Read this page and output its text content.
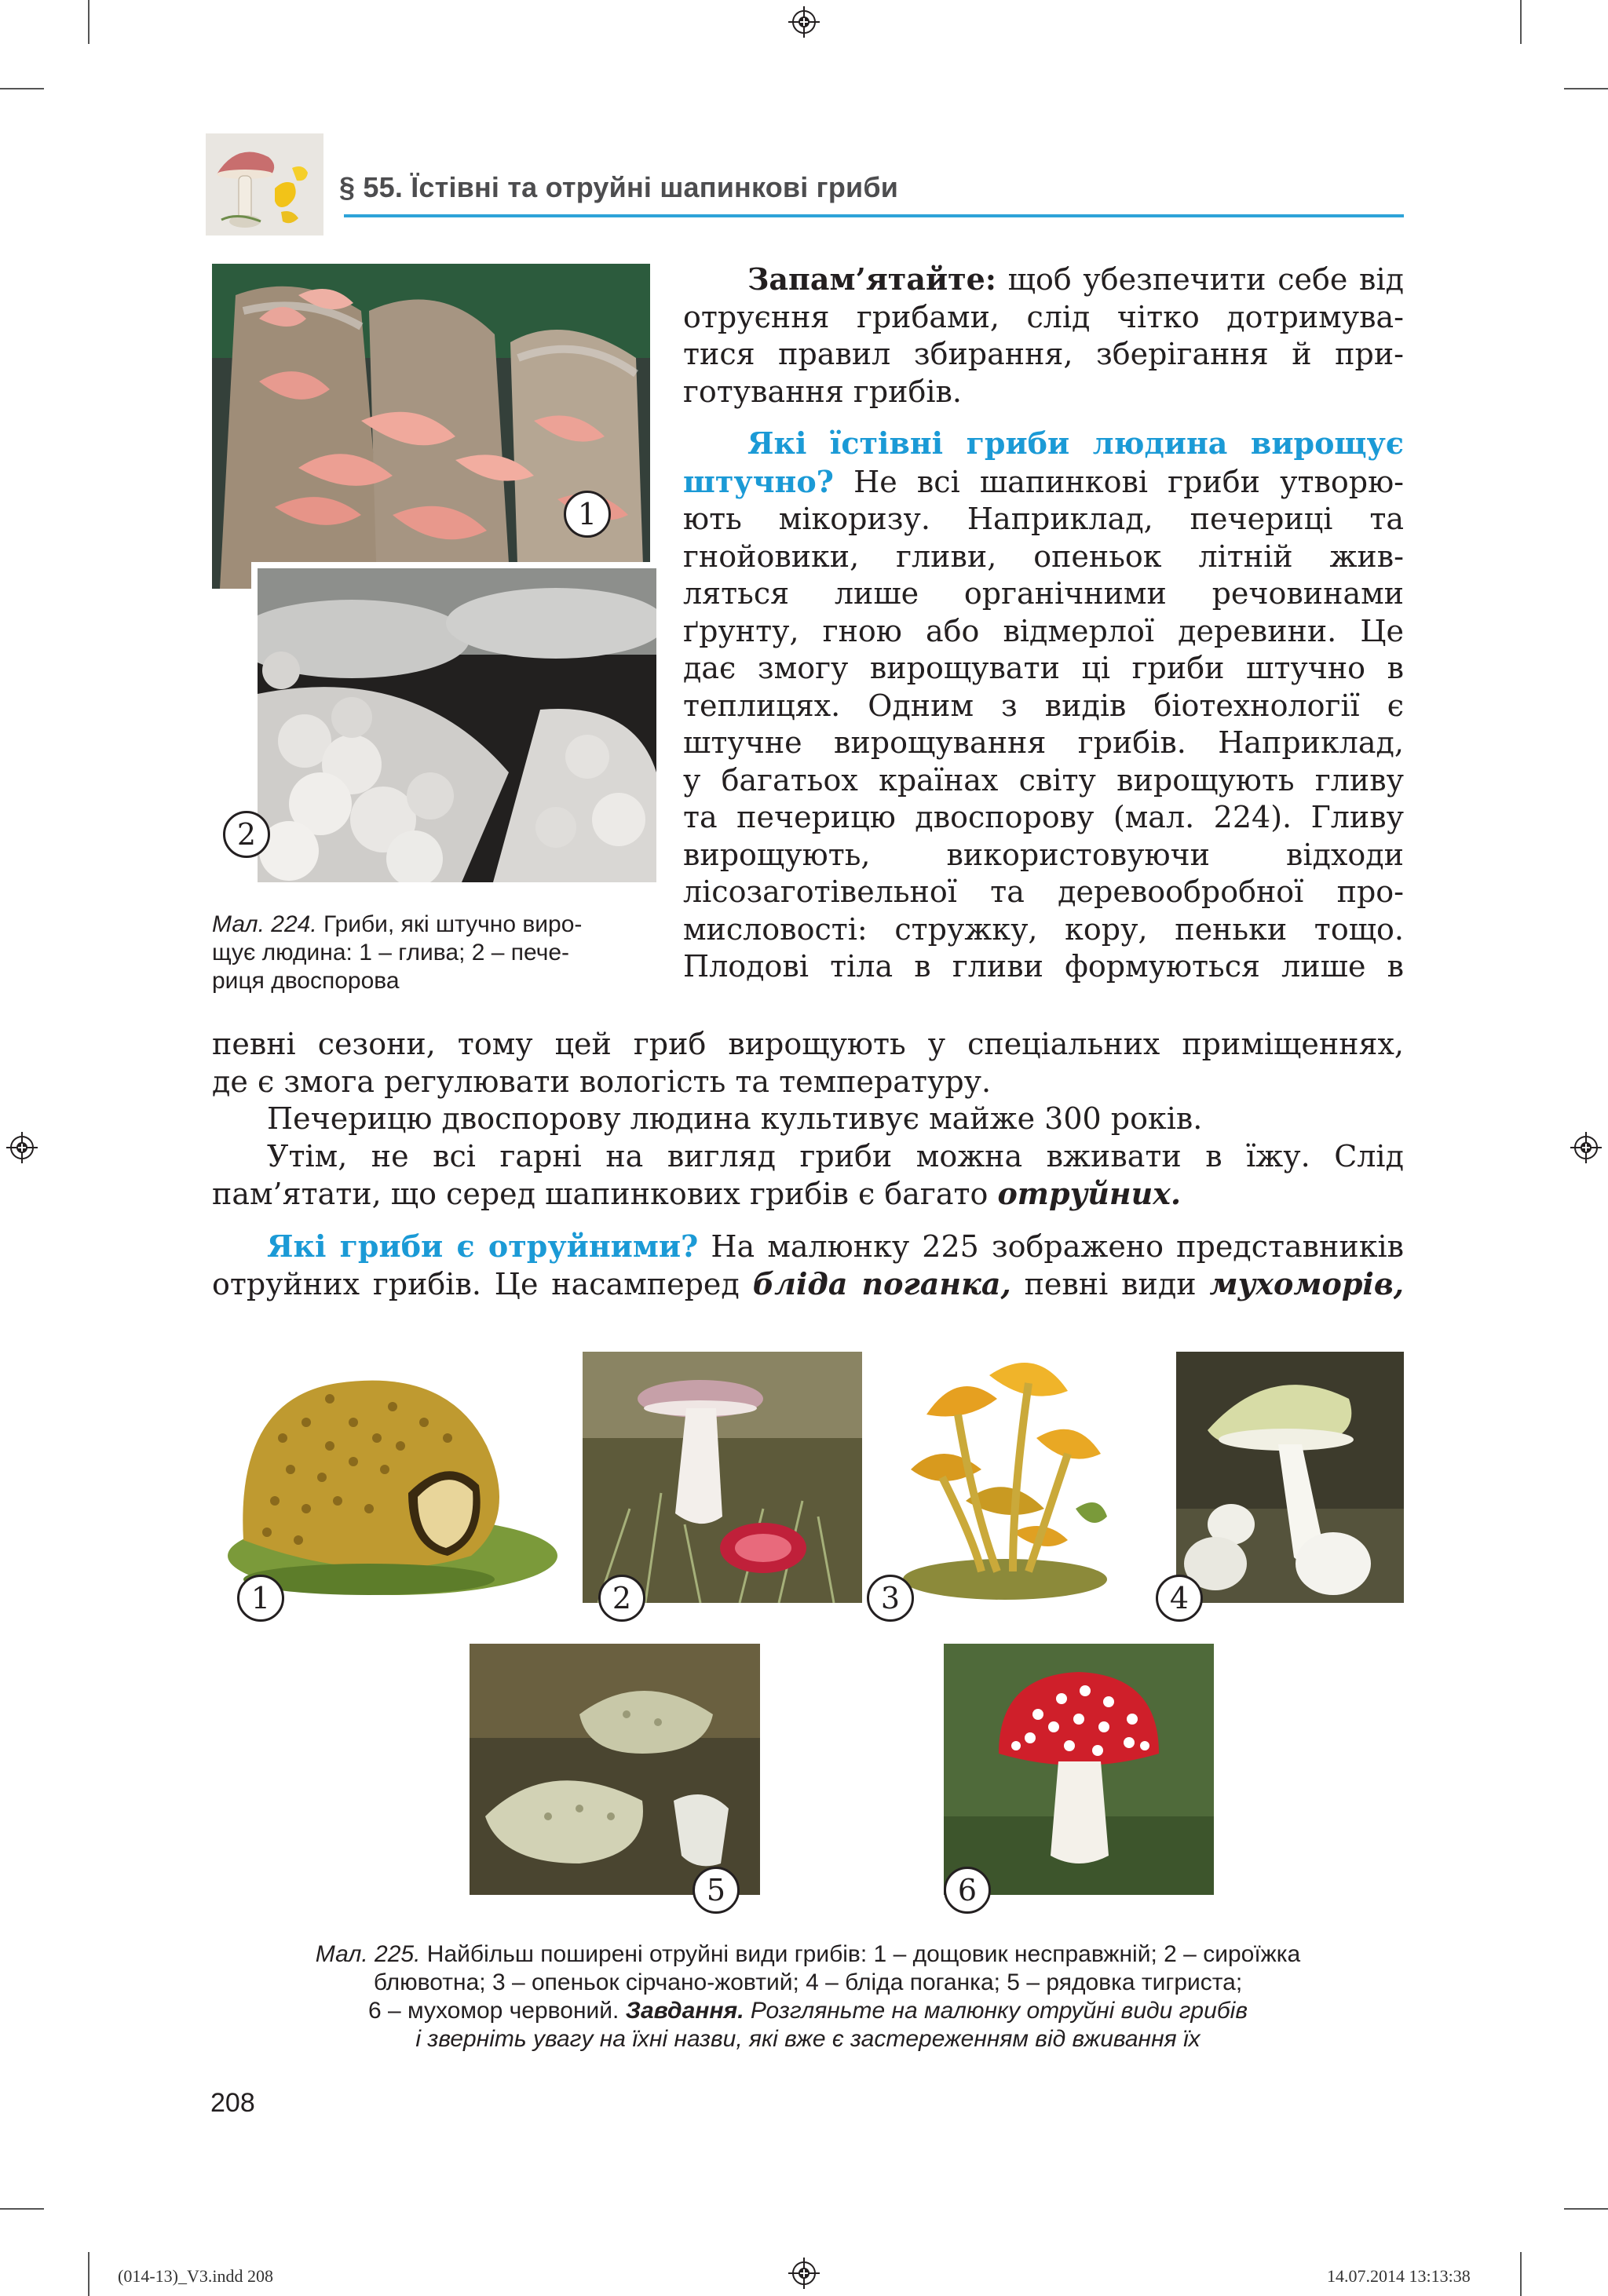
§ 55. Їстівні та отруйні шапинкові гриби
1
2

Мал. 224. Гриби, які штучно виро-

щує людина: 1 – глива; 2 – пече-

риця двоспорова

Запам’ятайте: щоб убезпечити себе від

отруєння грибами, слід чітко дотримува-

тися правил збирання, зберігання й при-

готування грибів.

Які їстівні гриби людина вирощує

штучно? Не всі шапинкові гриби утворю-

ють мікоризу. Наприклад, печериці та

гнойовики, гливи, опеньок літній жив-

ляться лише органічними речовинами

ґрунту, гною або відмерлої деревини. Це

дає змогу вирощувати ці гриби штучно в

теплицях. Одним з видів біотехнології є

штучне вирощування грибів. Наприклад,

у багатьох країнах світу вирощують гливу

та печерицю двоспорову (мал. 224). Гливу

вирощують, використовуючи відходи

лісозаготівельної та деревообробної про-

мисловості: стружку, кору, пеньки тощо.

Плодові тіла в гливи формуються лише в

певні сезони, тому цей гриб вирощують у спеціальних приміщеннях,

де є змога регулювати вологість та температуру.

Печерицю двоспорову людина культивує майже 300 років.

Утім, не всі гарні на вигляд гриби можна вживати в їжу. Слід

пам’ятати, що серед шапинкових грибів є багато отруйних.

Які гриби є отруйними? На малюнку 225 зображено представників

отруйних грибів. Це насамперед бліда поганка, певні види мухоморів,

1	2	3	4
5	6

Мал. 225. Найбільш поширені отруйні види грибів: 1 – дощовик несправжній; 2 – сироїжка

блювотна; 3 – опеньок сірчано-жовтий; 4 – бліда поганка; 5 – рядовка тигриста;

6 – мухомор червоний. Завдання. Розгляньте на малюнку отруйні види грибів

і зверніть увагу на їхні назви, які вже є застереженням від вживання їх

208
(014-13)_V3.indd 208	14.07.2014 13:13:38
